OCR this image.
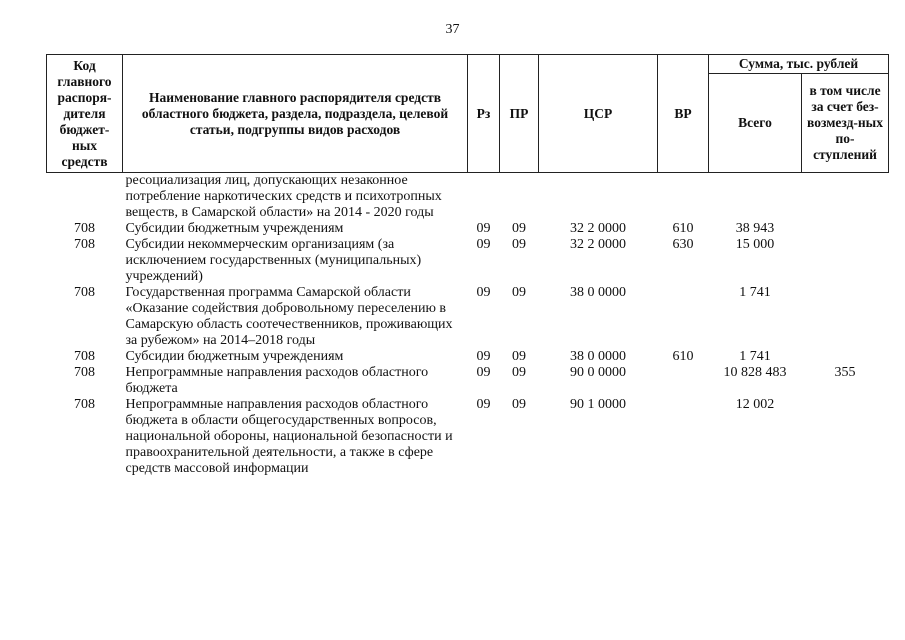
37
Код главного распоря-дителя бюджет-ных средств	Наименование главного распорядителя средств областного бюджета, раздела, подраздела, целевой статьи, подгруппы видов расходов	Рз	ПР	ЦСР	ВР	Сумма, тыс. рублей	
						Всего	в том числе за счет без-возмезд-ных по-ступлений
	ресоциализация лиц, допускающих незаконное потребление наркотических средств и психотропных веществ, в Самарской области» на 2014 - 2020 годы						
708	Субсидии бюджетным учреждениям	09	09	32 2 0000	610	38 943	
708	Субсидии некоммерческим организациям (за исключением государственных (муниципальных) учреждений)	09	09	32 2 0000	630	15 000	
708	Государственная программа Самарской области «Оказание содействия добровольному переселению в Самарскую область соотечественников, проживающих за рубежом» на 2014–2018 годы	09	09	38 0 0000		1 741	
708	Субсидии бюджетным учреждениям	09	09	38 0 0000	610	1 741	
708	Непрограммные направления расходов областного бюджета	09	09	90 0 0000		10 828 483	355
708	Непрограммные направления расходов областного бюджета в области общегосударственных вопросов, национальной обороны, национальной безопасности и правоохранительной деятельности, а также в сфере средств массовой информации	09	09	90 1 0000		12 002	
